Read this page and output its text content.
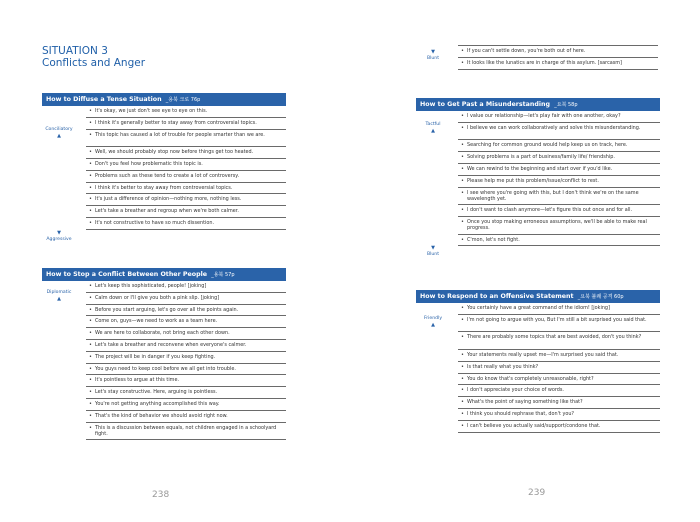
SITUATION 3
Conflicts and Anger
How to Diffuse a Tense Situation _용북 크로 76p
Conciliatory
▲
▼
Aggressive
• It's okay, we just don't see eye to eye on this.
• I think it's generally better to stay away from controversial topics.
• This topic has caused a lot of trouble for people smarter than we are.
• Well, we should probably stop now before things get too heated.
• Don't you feel how problematic this topic is.
• Problems such as these tend to create a lot of controversy.
• I think it's better to stay away from controversial topics.
• It's just a difference of opinion—nothing more, nothing less.
• Let's take a breather and regroup when we're both calmer.
• It's not constructive to have so much dissention.
How to Stop a Conflict Between Other People _용북 57p
Diplomatic
▲
• Let's keep this sophisticated, people! [joking]
• Calm down or I'll give you both a pink slip. [joking]
• Before you start arguing, let's go over all the points again.
• Come on, guys—we need to work as a team here.
• We are here to collaborate, not bring each other down.
• Let's take a breather and reconvene when everyone's calmer.
• The project will be in danger if you keep fighting.
• You guys need to keep cool before we all get into trouble.
• It's pointless to argue at this time.
• Let's stay constructive. Here, arguing is pointless.
• You're not getting anything accomplished this way.
• That's the kind of behavior we should avoid right now.
• This is a discussion between equals, not children engaged in a schoolyard fight.
238
▼
Blunt
• If you can't settle down, you're both out of here.
• It looks like the lunatics are in charge of this asylum. [sarcasm]
How to Get Past a Misunderstanding _요북 58p
Tactful
▲
▼
Blunt
• I value our relationship—let's play fair with one another, okay?
• I believe we can work collaboratively and solve this misunderstanding.
• Searching for common ground would help keep us on track, here.
• Solving problems is a part of business/family life/ friendship.
• We can rewind to the beginning and start over if you'd like.
• Please help me put this problem/issue/conflict to rest.
• I see where you're going with this, but I don't think we're on the same wavelength yet.
• I don't want to clash anymore—let's figure this out once and for all.
• Once you stop making erroneous assumptions, we'll be able to make real progress.
• C'mon, let's not fight.
How to Respond to an Offensive Statement _요북 불쾌 공격 60p
Friendly
▲
• You certainly have a great command of the idiom! [joking]
• I'm not going to argue with you, But I'm still a bit surprised you said that.
• There are probably some topics that are best avoided, don't you think?
• Your statements really upset me—I'm surprised you said that.
• Is that really what you think?
• You do know that's completely unreasonable, right?
• I don't appreciate your choice of words.
• What's the point of saying something like that?
• I think you should rephrase that, don't you?
• I can't believe you actually said/support/condone that.
239
